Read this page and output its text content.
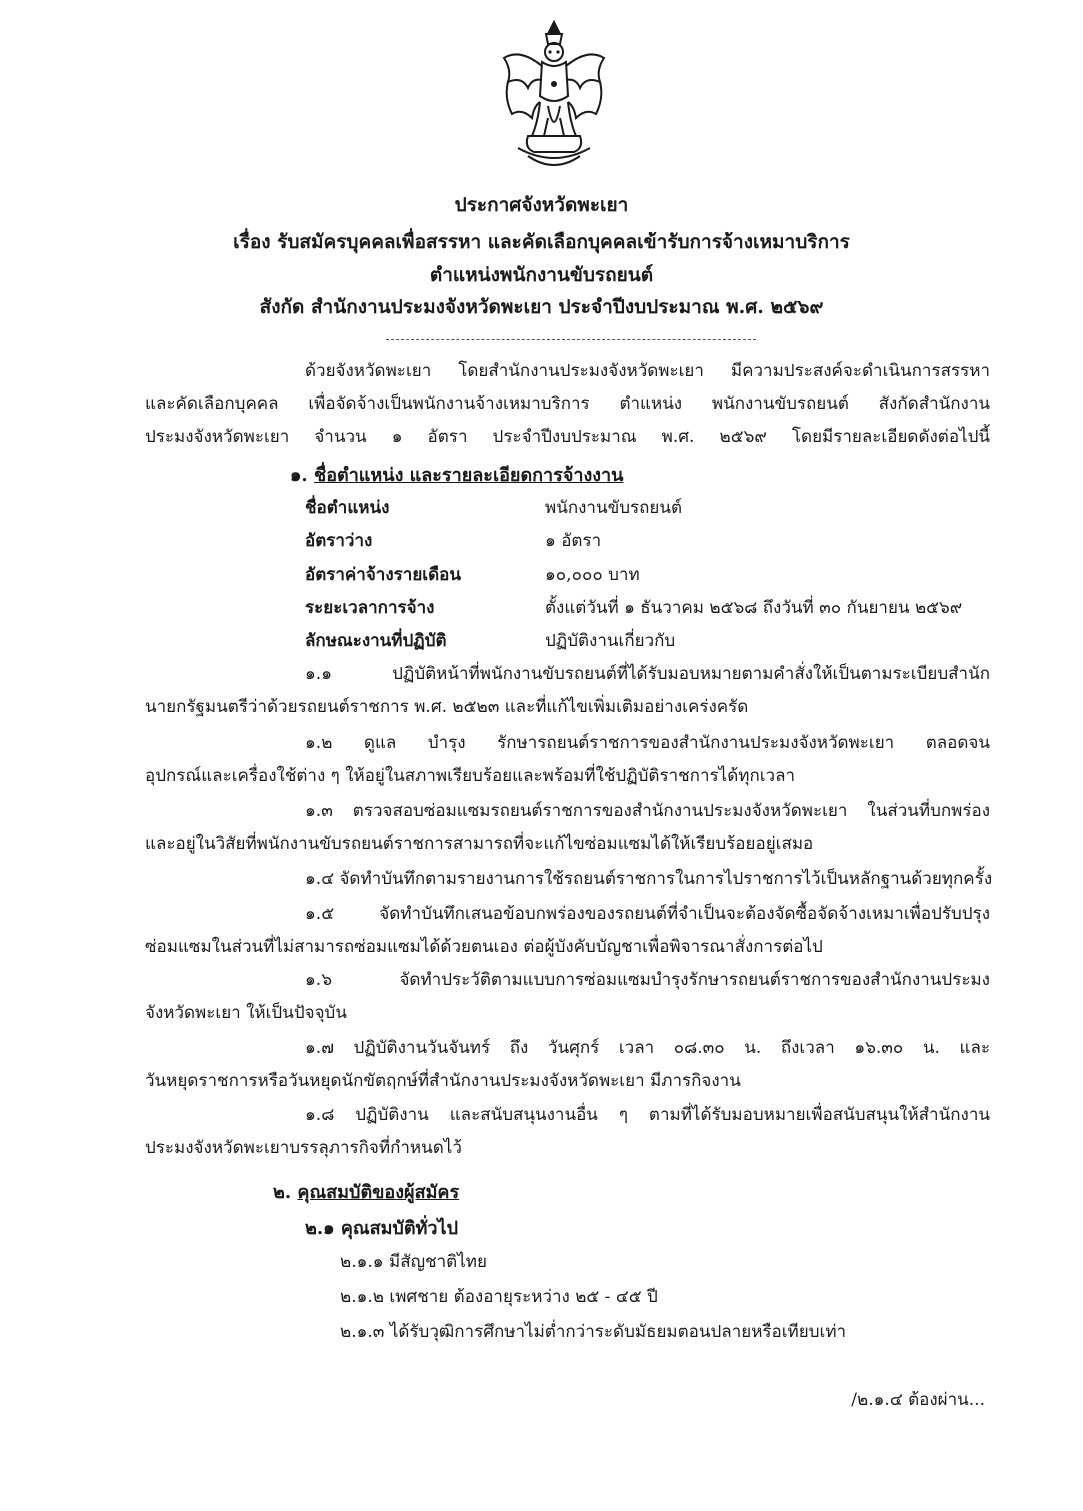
ประกาศจังหวัดพะเยา
เรื่อง รับสมัครบุคคลเพื่อสรรหา และคัดเลือกบุคคลเข้ารับการจ้างเหมาบริการ
ตำแหน่งพนักงานขับรถยนต์
สังกัด สำนักงานประมงจังหวัดพะเยา ประจำปีงบประมาณ พ.ศ. ๒๕๖๙
ด้วยจังหวัดพะเยา โดยสำนักงานประมงจังหวัดพะเยา มีความประสงค์จะดำเนินการสรรหา
และคัดเลือกบุคคล เพื่อจัดจ้างเป็นพนักงานจ้างเหมาบริการ ตำแหน่ง พนักงานขับรถยนต์ สังกัดสำนักงาน
ประมงจังหวัดพะเยา จำนวน ๑ อัตรา ประจำปีงบประมาณ พ.ศ. ๒๕๖๙ โดยมีรายละเอียดดังต่อไปนี้
๑. ชื่อตำแหน่ง และรายละเอียดการจ้างงาน
ชื่อตำแหน่ง	พนักงานขับรถยนต์
อัตราว่าง	๑ อัตรา
อัตราค่าจ้างรายเดือน	๑๐,๐๐๐ บาท
ระยะเวลาการจ้าง	ตั้งแต่วันที่ ๑ ธันวาคม ๒๕๖๘ ถึงวันที่ ๓๐ กันยายน ๒๕๖๙
ลักษณะงานที่ปฏิบัติ	ปฏิบัติงานเกี่ยวกับ
๑.๑ ปฏิบัติหน้าที่พนักงานขับรถยนต์ที่ได้รับมอบหมายตามคำสั่งให้เป็นตามระเบียบสำนัก
นายกรัฐมนตรีว่าด้วยรถยนต์ราชการ พ.ศ. ๒๕๒๓ และที่แก้ไขเพิ่มเติมอย่างเคร่งครัด
๑.๒ ดูแล บำรุง รักษารถยนต์ราชการของสำนักงานประมงจังหวัดพะเยา ตลอดจน
อุปกรณ์และเครื่องใช้ต่าง ๆ ให้อยู่ในสภาพเรียบร้อยและพร้อมที่ใช้ปฏิบัติราชการได้ทุกเวลา
๑.๓ ตรวจสอบซ่อมแซมรถยนต์ราชการของสำนักงานประมงจังหวัดพะเยา ในส่วนที่บกพร่อง
และอยู่ในวิสัยที่พนักงานขับรถยนต์ราชการสามารถที่จะแก้ไขซ่อมแซมได้ให้เรียบร้อยอยู่เสมอ
๑.๔ จัดทำบันทึกตามรายงานการใช้รถยนต์ราชการในการไปราชการไว้เป็นหลักฐานด้วยทุกครั้ง
๑.๕ จัดทำบันทึกเสนอข้อบกพร่องของรถยนต์ที่จำเป็นจะต้องจัดซื้อจัดจ้างเหมาเพื่อปรับปรุง
ซ่อมแซมในส่วนที่ไม่สามารถซ่อมแซมได้ด้วยตนเอง ต่อผู้บังคับบัญชาเพื่อพิจารณาสั่งการต่อไป
๑.๖ จัดทำประวัติตามแบบการซ่อมแซมบำรุงรักษารถยนต์ราชการของสำนักงานประมง
จังหวัดพะเยา ให้เป็นปัจจุบัน
๑.๗ ปฏิบัติงานวันจันทร์ ถึง วันศุกร์ เวลา ๐๘.๓๐ น. ถึงเวลา ๑๖.๓๐ น. และ
วันหยุดราชการหรือวันหยุดนักขัตฤกษ์ที่สำนักงานประมงจังหวัดพะเยา มีภารกิจงาน
๑.๘ ปฏิบัติงาน และสนับสนุนงานอื่น ๆ ตามที่ได้รับมอบหมายเพื่อสนับสนุนให้สำนักงาน
ประมงจังหวัดพะเยาบรรลุภารกิจที่กำหนดไว้
๒. คุณสมบัติของผู้สมัคร
๒.๑ คุณสมบัติทั่วไป
๒.๑.๑ มีสัญชาติไทย
๒.๑.๒ เพศชาย ต้องอายุระหว่าง ๒๕ - ๔๕ ปี
๒.๑.๓ ได้รับวุฒิการศึกษาไม่ต่ำกว่าระดับมัธยมตอนปลายหรือเทียบเท่า
/๒.๑.๔ ต้องผ่าน...
